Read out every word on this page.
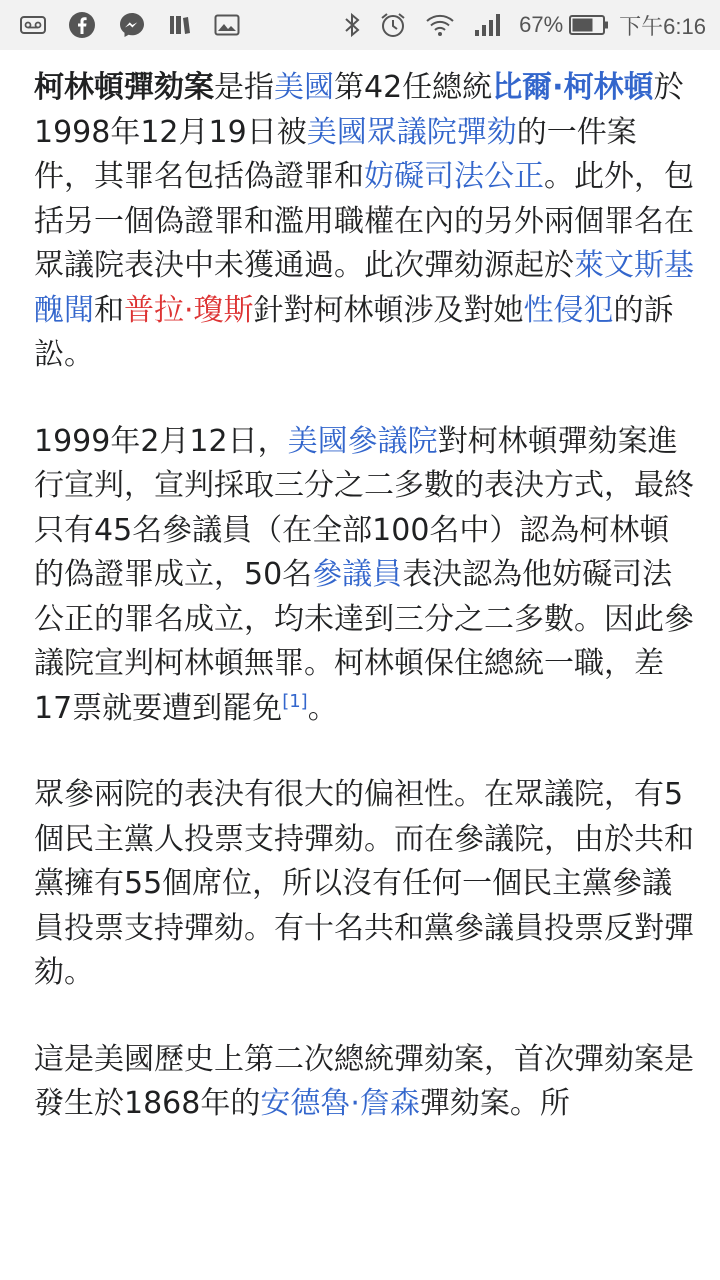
67%	下午6:16

柯林頓彈劾案是指美國第42任總統比爾·柯林頓於1998年12月19日被美國眾議院彈劾的一件案件，其罪名包括偽證罪和妨礙司法公正。此外，包括另一個偽證罪和濫用職權在內的另外兩個罪名在眾議院表決中未獲通過。此次彈劾源起於萊文斯基醜聞和普拉·瓊斯針對柯林頓涉及對她性侵犯的訴訟。

1999年2月12日，美國參議院對柯林頓彈劾案進行宣判，宣判採取三分之二多數的表決方式，最終只有45名參議員（在全部100名中）認為柯林頓的偽證罪成立，50名參議員表決認為他妨礙司法公正的罪名成立，均未達到三分之二多數。因此參議院宣判柯林頓無罪。柯林頓保住總統一職，差17票就要遭到罷免[1]。

眾參兩院的表決有很大的偏袒性。在眾議院，有5個民主黨人投票支持彈劾。而在參議院，由於共和黨擁有55個席位，所以沒有任何一個民主黨參議員投票支持彈劾。有十名共和黨參議員投票反對彈劾。

這是美國歷史上第二次總統彈劾案，首次彈劾案是發生於1868年的安德魯·詹森彈劾案。所
